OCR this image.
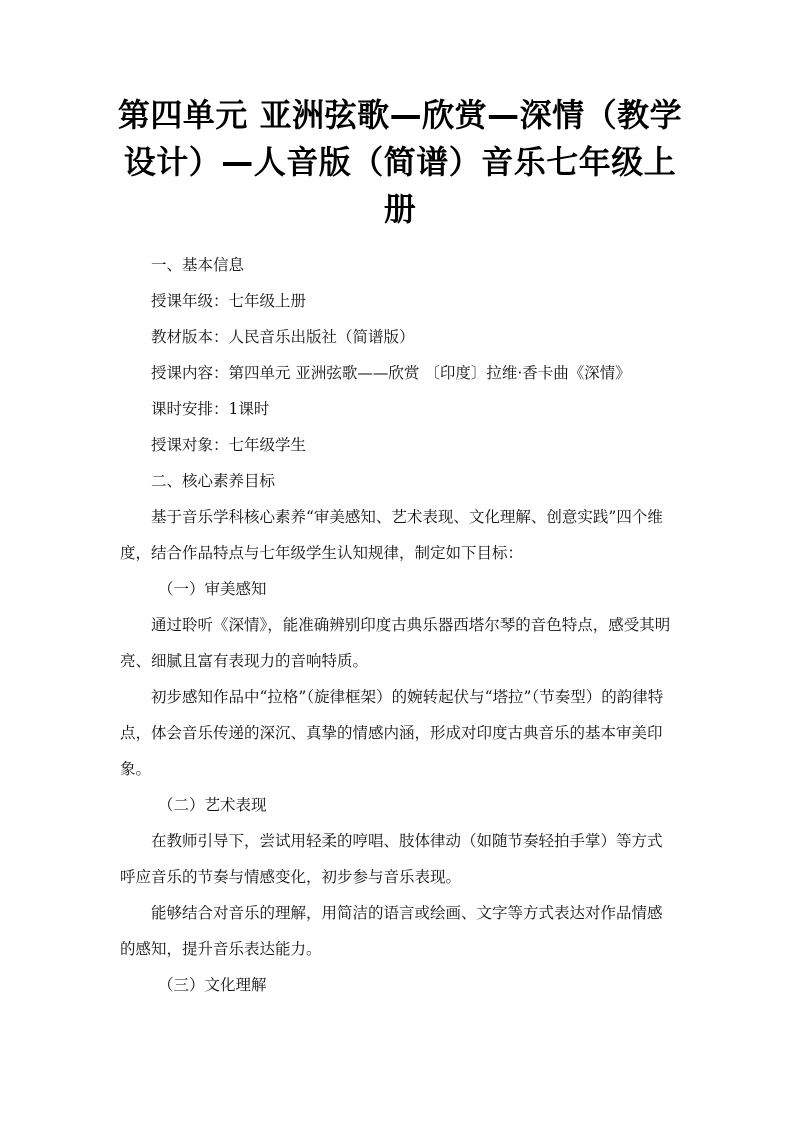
第四单元 亚洲弦歌—欣赏—深情（教学设计）—人音版（简谱）音乐七年级上册

一、基本信息

授课年级：七年级上册

教材版本：人民音乐出版社（简谱版）

授课内容：第四单元 亚洲弦歌——欣赏 〔印度〕拉维·香卡曲《深情》

课时安排：1课时

授课对象：七年级学生

二、核心素养目标

基于音乐学科核心素养“审美感知、艺术表现、文化理解、创意实践”四个维度，结合作品特点与七年级学生认知规律，制定如下目标：

（一）审美感知

通过聆听《深情》，能准确辨别印度古典乐器西塔尔琴的音色特点，感受其明亮、细腻且富有表现力的音响特质。

初步感知作品中“拉格”（旋律框架）的婉转起伏与“塔拉”（节奏型）的韵律特点，体会音乐传递的深沉、真挚的情感内涵，形成对印度古典音乐的基本审美印象。

（二）艺术表现

在教师引导下，尝试用轻柔的哼唱、肢体律动（如随节奏轻拍手掌）等方式呼应音乐的节奏与情感变化，初步参与音乐表现。

能够结合对音乐的理解，用简洁的语言或绘画、文字等方式表达对作品情感的感知，提升音乐表达能力。

（三）文化理解
